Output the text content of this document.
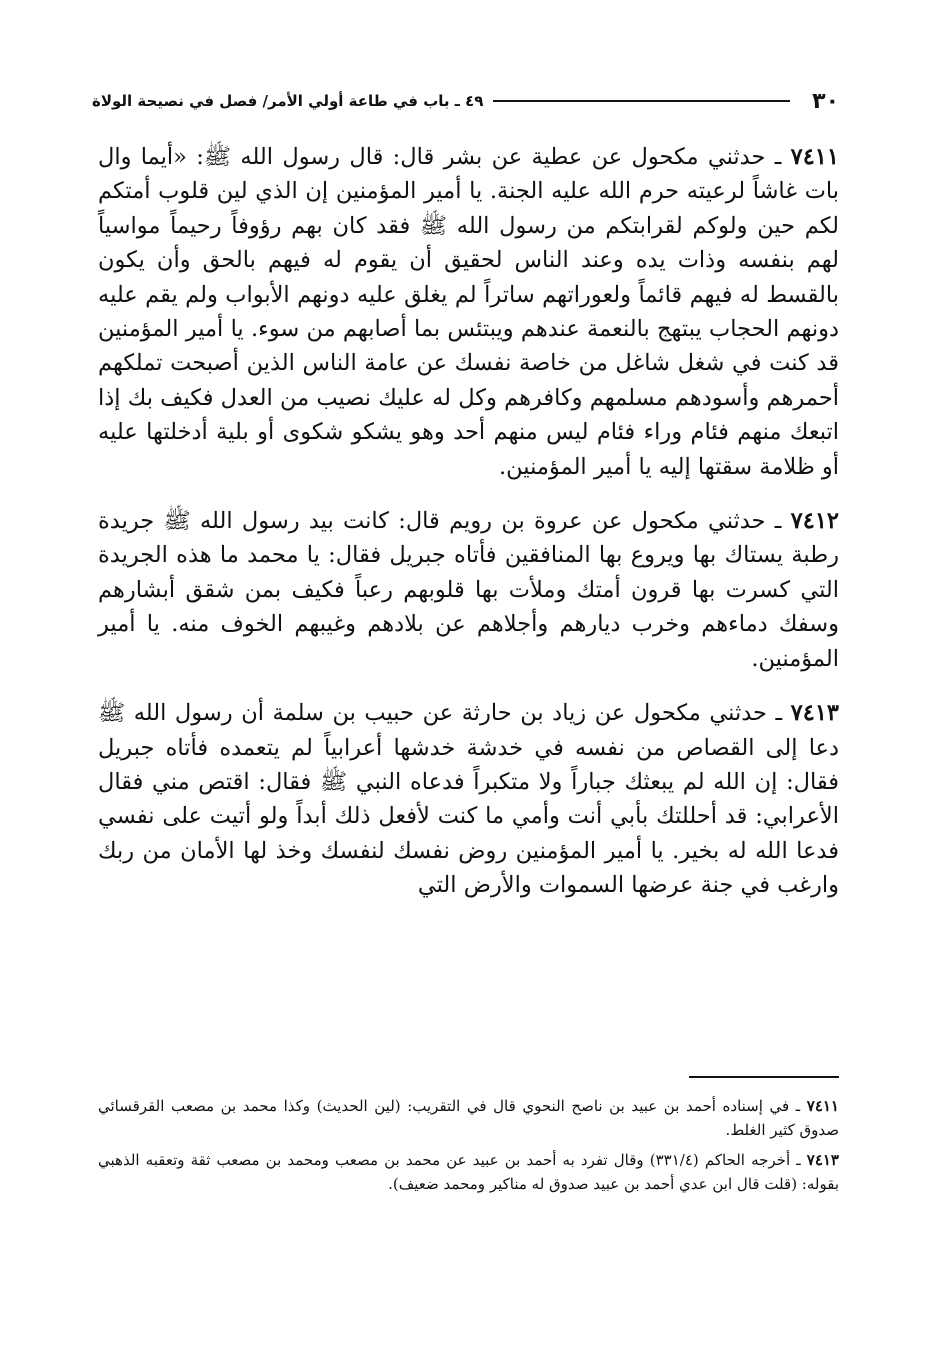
٣٠
٤٩ ـ باب في طاعة أولي الأمر/ فصل في نصيحة الولاة

٧٤١١ ـ حدثني مكحول عن عطية عن بشر قال: قال رسول الله ﷺ: «أيما وال بات غاشاً لرعيته حرم الله عليه الجنة. يا أمير المؤمنين إن الذي لين قلوب أمتكم لكم حين ولوكم لقرابتكم من رسول الله ﷺ فقد كان بهم رؤوفاً رحيماً مواسياً لهم بنفسه وذات يده وعند الناس لحقيق أن يقوم له فيهم بالحق وأن يكون بالقسط له فيهم قائماً ولعوراتهم ساتراً لم يغلق عليه دونهم الأبواب ولم يقم عليه دونهم الحجاب يبتهج بالنعمة عندهم ويبتئس بما أصابهم من سوء. يا أمير المؤمنين قد كنت في شغل شاغل من خاصة نفسك عن عامة الناس الذين أصبحت تملكهم أحمرهم وأسودهم مسلمهم وكافرهم وكل له عليك نصيب من العدل فكيف بك إذا اتبعك منهم فئام وراء فئام ليس منهم أحد وهو يشكو شكوى أو بلية أدخلتها عليه أو ظلامة سقتها إليه يا أمير المؤمنين.

٧٤١٢ ـ حدثني مكحول عن عروة بن رويم قال: كانت بيد رسول الله ﷺ جريدة رطبة يستاك بها ويروع بها المنافقين فأتاه جبريل فقال: يا محمد ما هذه الجريدة التي كسرت بها قرون أمتك وملأت بها قلوبهم رعباً فكيف بمن شقق أبشارهم وسفك دماءهم وخرب ديارهم وأجلاهم عن بلادهم وغيبهم الخوف منه. يا أمير المؤمنين.

٧٤١٣ ـ حدثني مكحول عن زياد بن حارثة عن حبيب بن سلمة أن رسول الله ﷺ دعا إلى القصاص من نفسه في خدشة خدشها أعرابياً لم يتعمده فأتاه جبريل فقال: إن الله لم يبعثك جباراً ولا متكبراً فدعاه النبي ﷺ فقال: اقتص مني فقال الأعرابي: قد أحللتك بأبي أنت وأمي ما كنت لأفعل ذلك أبداً ولو أتيت على نفسي فدعا الله له بخير. يا أمير المؤمنين روض نفسك لنفسك وخذ لها الأمان من ربك وارغب في جنة عرضها السموات والأرض التي

٧٤١١ ـ في إسناده أحمد بن عبيد بن ناصح النحوي قال في التقريب: (لين الحديث) وكذا محمد بن مصعب القرقسائي صدوق كثير الغلط.

٧٤١٣ ـ أخرجه الحاكم (٣٣١/٤) وقال تفرد به أحمد بن عبيد عن محمد بن مصعب ومحمد بن مصعب ثقة وتعقبه الذهبي بقوله: (قلت قال ابن عدي أحمد بن عبيد صدوق له مناكير ومحمد ضعيف).
